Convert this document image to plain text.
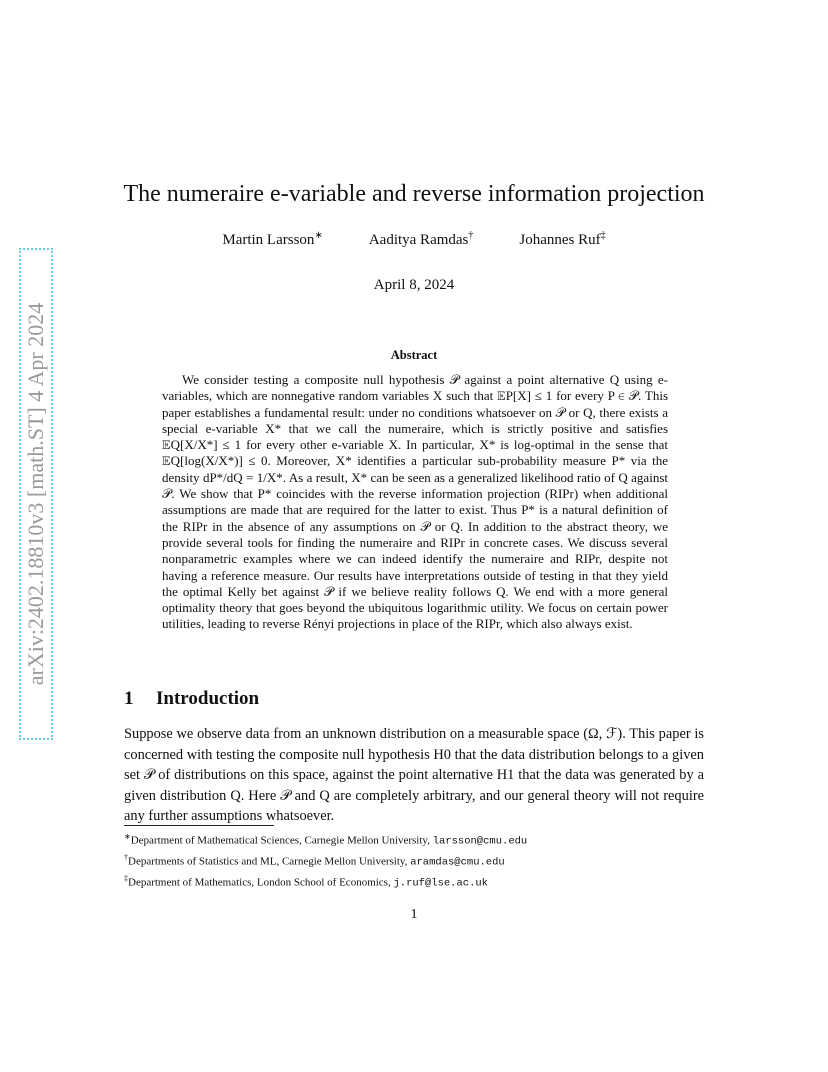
arXiv:2402.18810v3 [math.ST] 4 Apr 2024
The numeraire e-variable and reverse information projection
Martin Larsson∗	Aaditya Ramdas†	Johannes Ruf‡
April 8, 2024
Abstract

We consider testing a composite null hypothesis 𝒫 against a point alternative Q using e-variables, which are nonnegative random variables X such that 𝔼P[X] ≤ 1 for every P ∈ 𝒫. This paper establishes a fundamental result: under no conditions whatsoever on 𝒫 or Q, there exists a special e-variable X* that we call the numeraire, which is strictly positive and satisfies 𝔼Q[X/X*] ≤ 1 for every other e-variable X. In particular, X* is log-optimal in the sense that 𝔼Q[log(X/X*)] ≤ 0. Moreover, X* identifies a particular sub-probability measure P* via the density dP*/dQ = 1/X*. As a result, X* can be seen as a generalized likelihood ratio of Q against 𝒫. We show that P* coincides with the reverse information projection (RIPr) when additional assumptions are made that are required for the latter to exist. Thus P* is a natural definition of the RIPr in the absence of any assumptions on 𝒫 or Q. In addition to the abstract theory, we provide several tools for finding the numeraire and RIPr in concrete cases. We discuss several nonparametric examples where we can indeed identify the numeraire and RIPr, despite not having a reference measure. Our results have interpretations outside of testing in that they yield the optimal Kelly bet against 𝒫 if we believe reality follows Q. We end with a more general optimality theory that goes beyond the ubiquitous logarithmic utility. We focus on certain power utilities, leading to reverse Rényi projections in place of the RIPr, which also always exist.

1 Introduction

Suppose we observe data from an unknown distribution on a measurable space (Ω, ℱ). This paper is concerned with testing the composite null hypothesis H0 that the data distribution belongs to a given set 𝒫 of distributions on this space, against the point alternative H1 that the data was generated by a given distribution Q. Here 𝒫 and Q are completely arbitrary, and our general theory will not require any further assumptions whatsoever.

∗Department of Mathematical Sciences, Carnegie Mellon University, larsson@cmu.edu
†Departments of Statistics and ML, Carnegie Mellon University, aramdas@cmu.edu
‡Department of Mathematics, London School of Economics, j.ruf@lse.ac.uk
1
